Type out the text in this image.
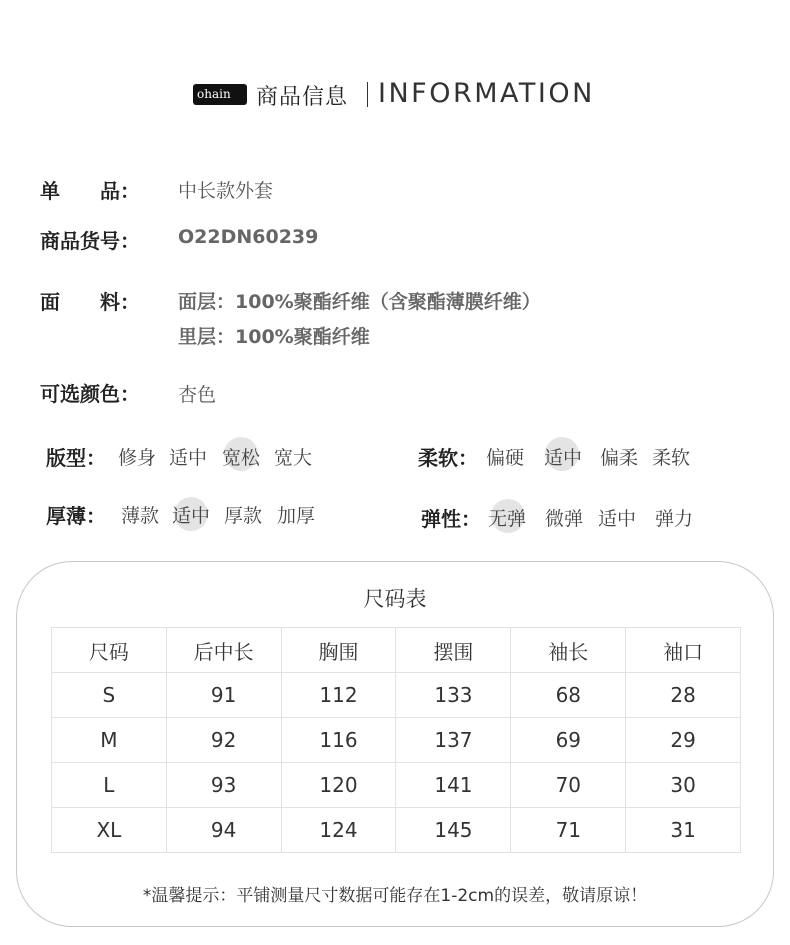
ohain	商品信息 INFORMATION
单　　品： 中长款外套
商品货号： O22DN60239
面　　料： 面层：100%聚酯纤维（含聚酯薄膜纤维）
里层：100%聚酯纤维
可选颜色： 杏色
版型： 修身 适中 宽松 宽大	柔软： 偏硬 适中 偏柔 柔软
厚薄： 薄款 适中 厚款 加厚	弹性： 无弹 微弹 适中 弹力
尺码表
尺码	后中长	胸围	摆围	袖长	袖口
S	91	112	133	68	28
M	92	116	137	69	29
L	93	120	141	70	30
XL	94	124	145	71	31
*温馨提示：平铺测量尺寸数据可能存在1-2cm的误差，敬请原谅！
